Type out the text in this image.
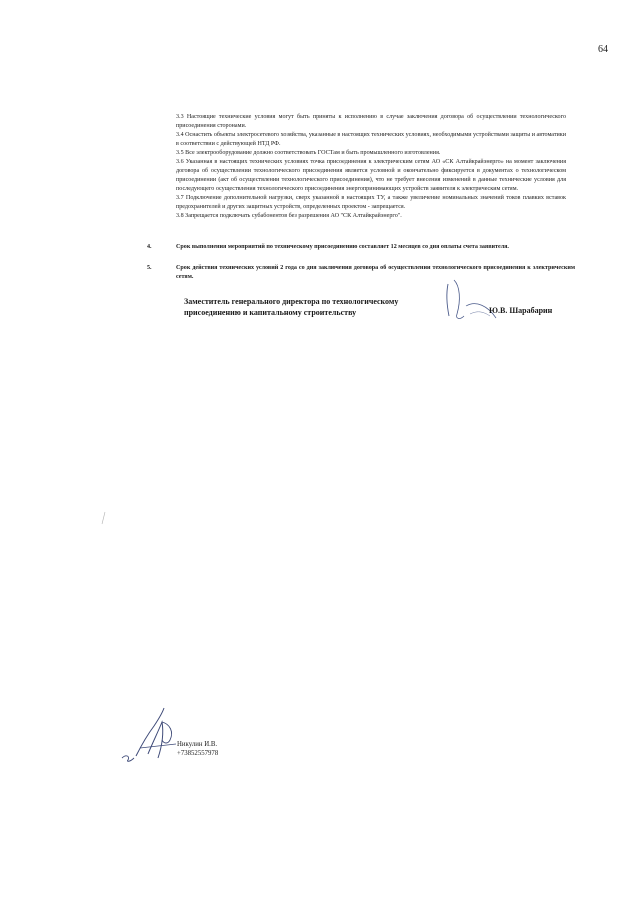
64

3.3 Настоящие технические условия могут быть приняты к исполнению в случае заключения договора об осуществлении технологического присоединения сторонами.

3.4 Оснастить объекты электросетевого хозяйства, указанные в настоящих технических условиях, необходимыми устройствами защиты и автоматики в соответствии с действующей НТД РФ.

3.5 Все электрооборудование должно соответствовать ГОСТам и быть промышленного изготовления.

3.6 Указанная в настоящих технических условиях точка присоединения к электрическим сетям АО «СК Алтайкрайэнерго» на момент заключения договора об осуществлении технологического присоединения является условной и окончательно фиксируется в документах о технологическом присоединении (акт об осуществлении технологического присоединения), что не требует внесения изменений в данные технические условия для последующего осуществления технологического присоединения энергопринимающих устройств заявителя к электрическим сетям.

3.7 Подключение дополнительной нагрузки, сверх указанной в настоящих ТУ, а также увеличение номинальных значений токов плавких вставок предохранителей и других защитных устройств, определенных проектом - запрещается.

3.8 Запрещается подключать субабонентов без разрешения АО "СК Алтайкрайэнерго".

4.	Срок выполнения мероприятий по техническому присоединению составляет 12 месяцев со дня оплаты счета заявителя.
5.	Срок действия технических условий 2 года со дня заключения договора об осуществлении технологического присоединения к электрическим сетям.
Заместитель генерального директора по технологическому
присоединению и капитальному строительству	Ю.В. Шарабарин
Никулин И.В.
+73852557978
